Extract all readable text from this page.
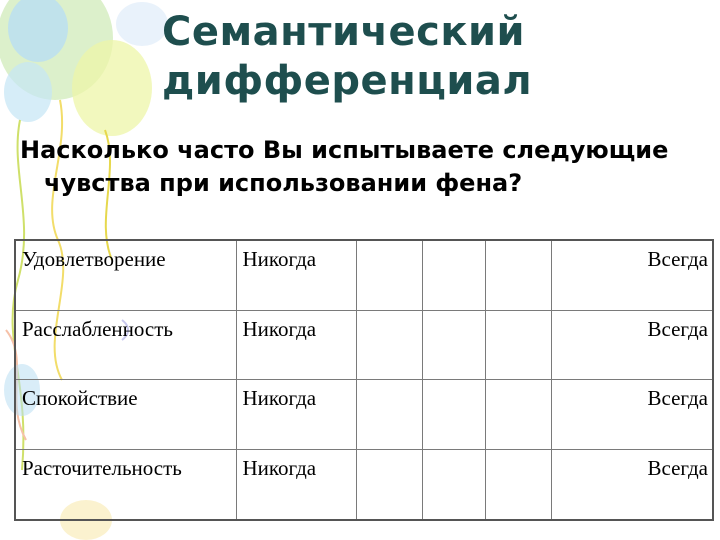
Семантический
дифференциал
Насколько часто Вы испытываете следующие чувства при использовании фена?
Удовлетворение	Никогда				Всегда
Расслабленность	Никогда				Всегда
Спокойствие	Никогда				Всегда
Расточительность	Никогда				Всегда
